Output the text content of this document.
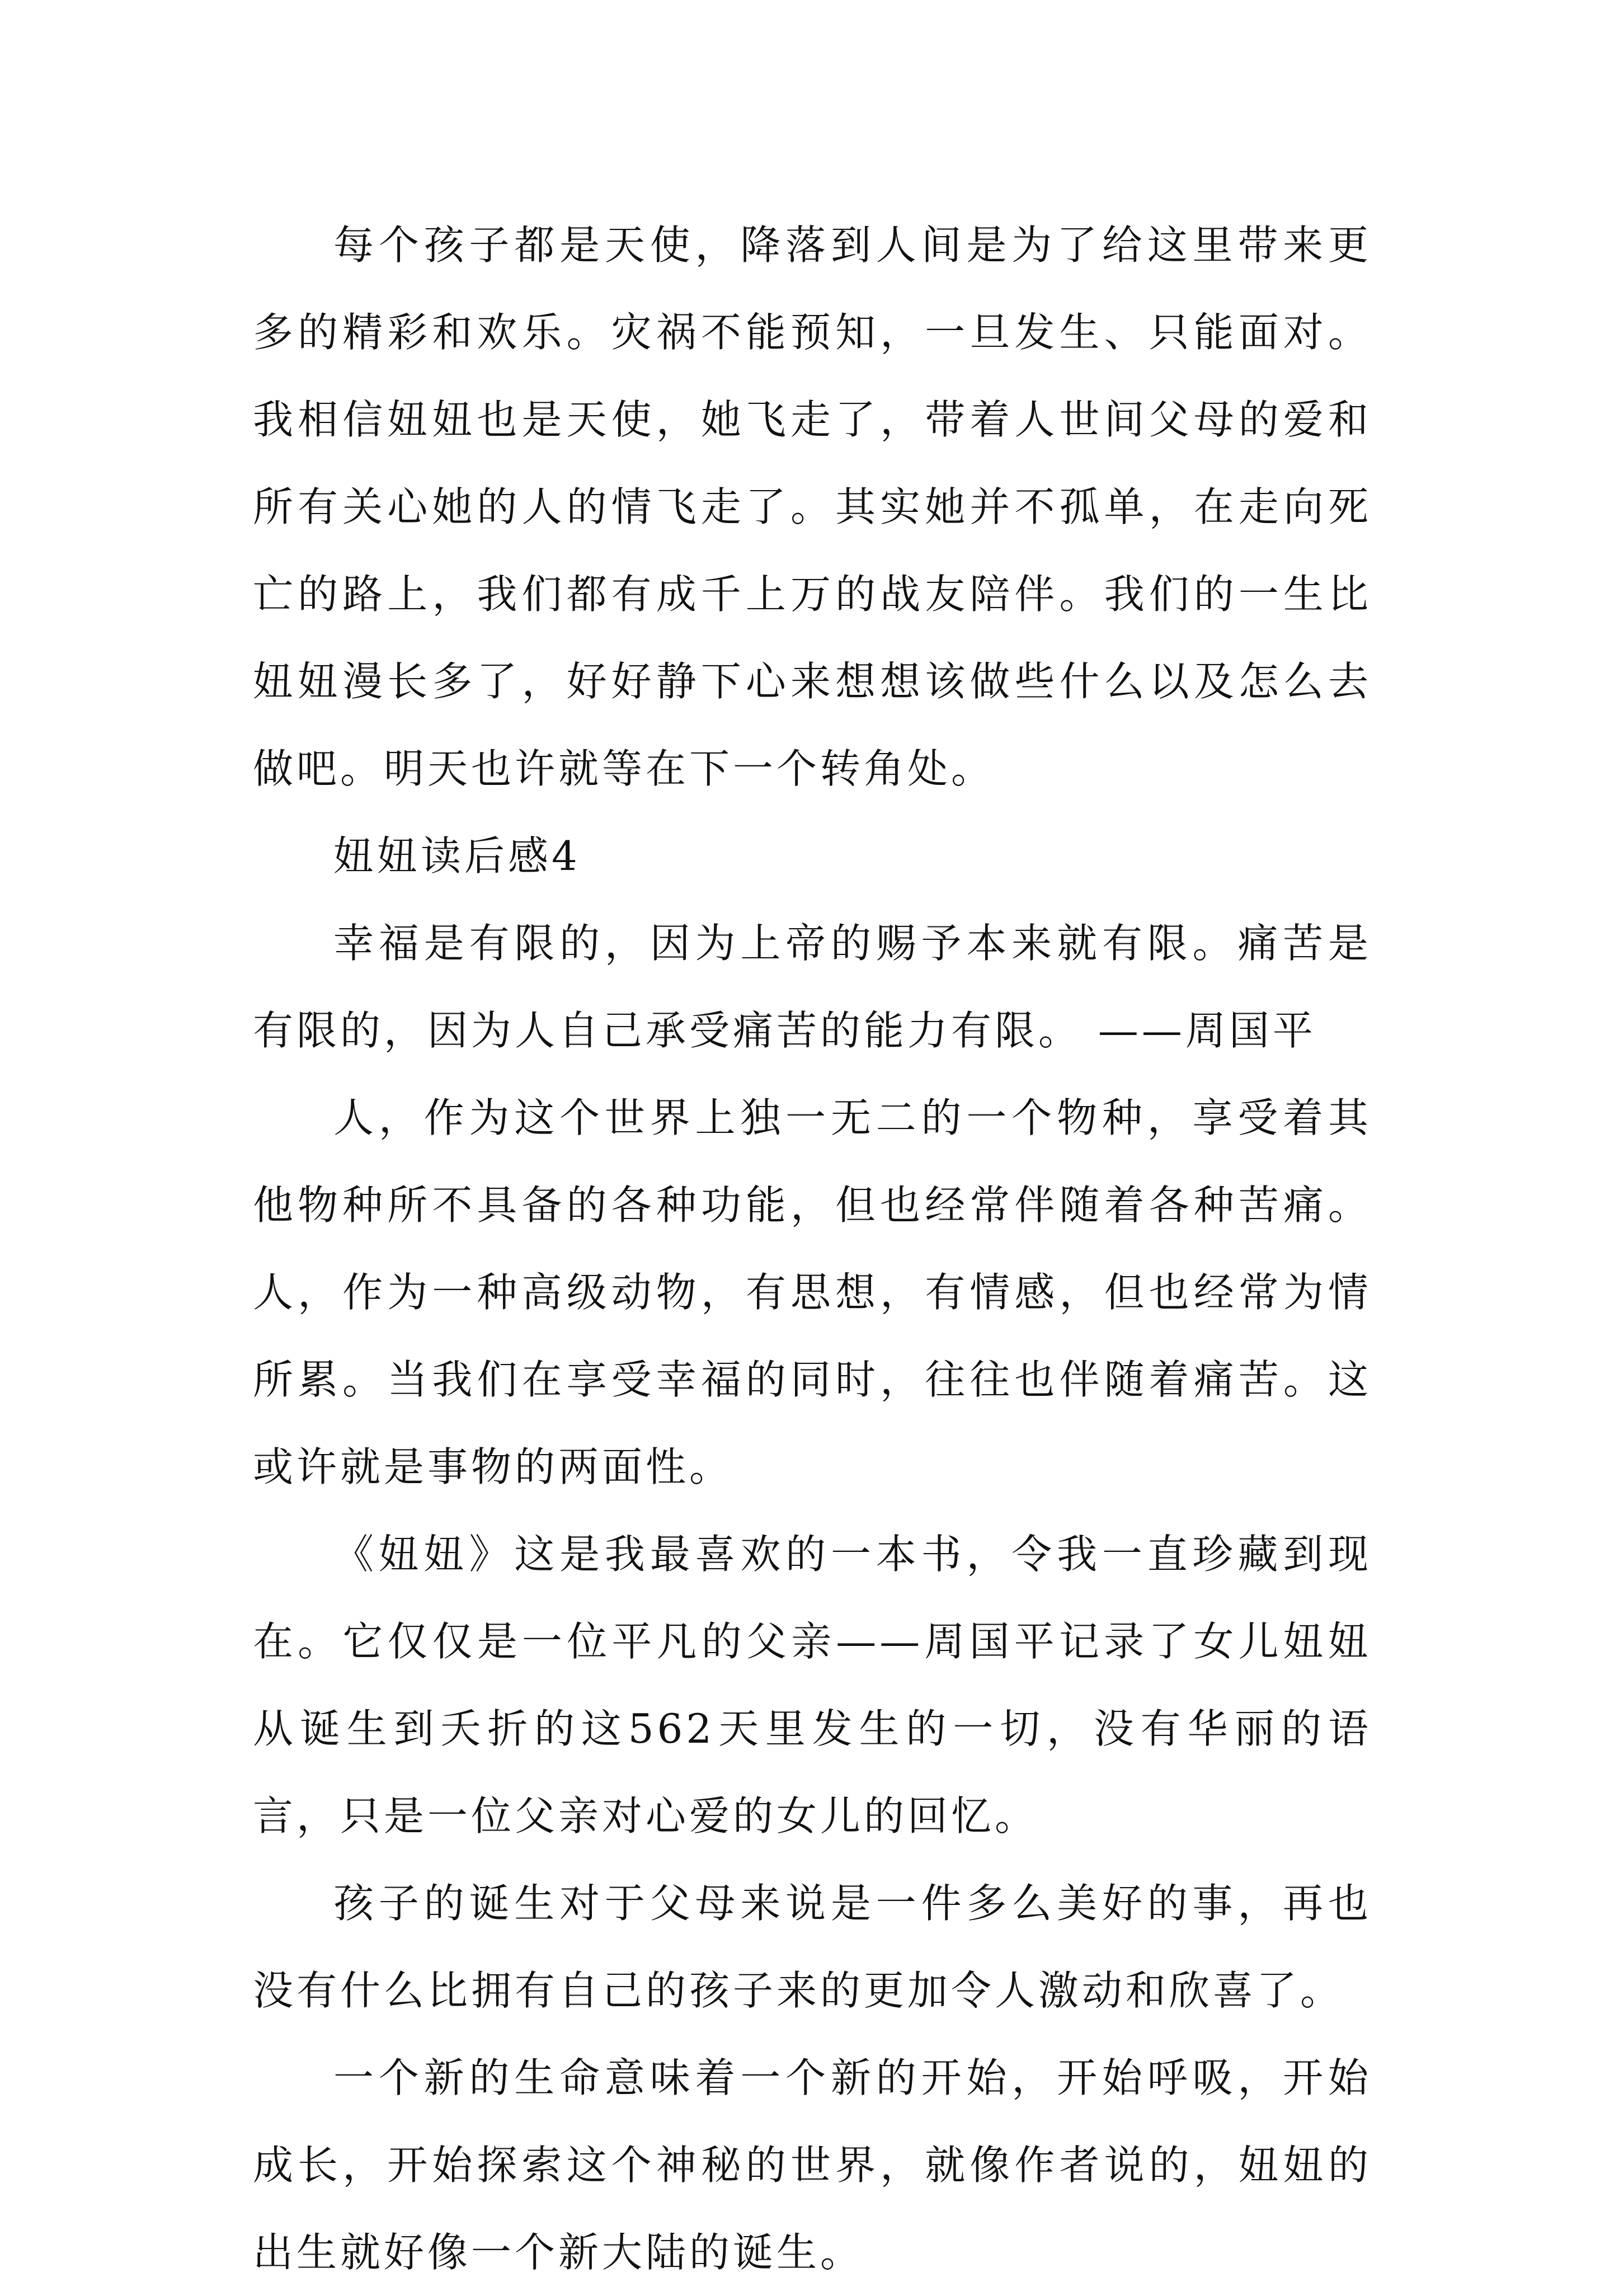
每个孩子都是天使，降落到人间是为了给这里带来更多的精彩和欢乐。灾祸不能预知，一旦发生、只能面对。我相信妞妞也是天使，她飞走了，带着人世间父母的爱和所有关心她的人的情飞走了。其实她并不孤单，在走向死亡的路上，我们都有成千上万的战友陪伴。我们的一生比妞妞漫长多了，好好静下心来想想该做些什么以及怎么去做吧。明天也许就等在下一个转角处。

妞妞读后感4

幸福是有限的，因为上帝的赐予本来就有限。痛苦是有限的，因为人自己承受痛苦的能力有限。 ——周国平

人，作为这个世界上独一无二的一个物种，享受着其他物种所不具备的各种功能，但也经常伴随着各种苦痛。人，作为一种高级动物，有思想，有情感，但也经常为情所累。当我们在享受幸福的同时，往往也伴随着痛苦。这或许就是事物的两面性。

《妞妞》这是我最喜欢的一本书，令我一直珍藏到现在。它仅仅是一位平凡的父亲——周国平记录了女儿妞妞从诞生到夭折的这562天里发生的一切，没有华丽的语言，只是一位父亲对心爱的女儿的回忆。

孩子的诞生对于父母来说是一件多么美好的事，再也没有什么比拥有自己的孩子来的更加令人激动和欣喜了。

一个新的生命意味着一个新的开始，开始呼吸，开始成长，开始探索这个神秘的世界，就像作者说的，妞妞的出生就好像一个新大陆的诞生。
